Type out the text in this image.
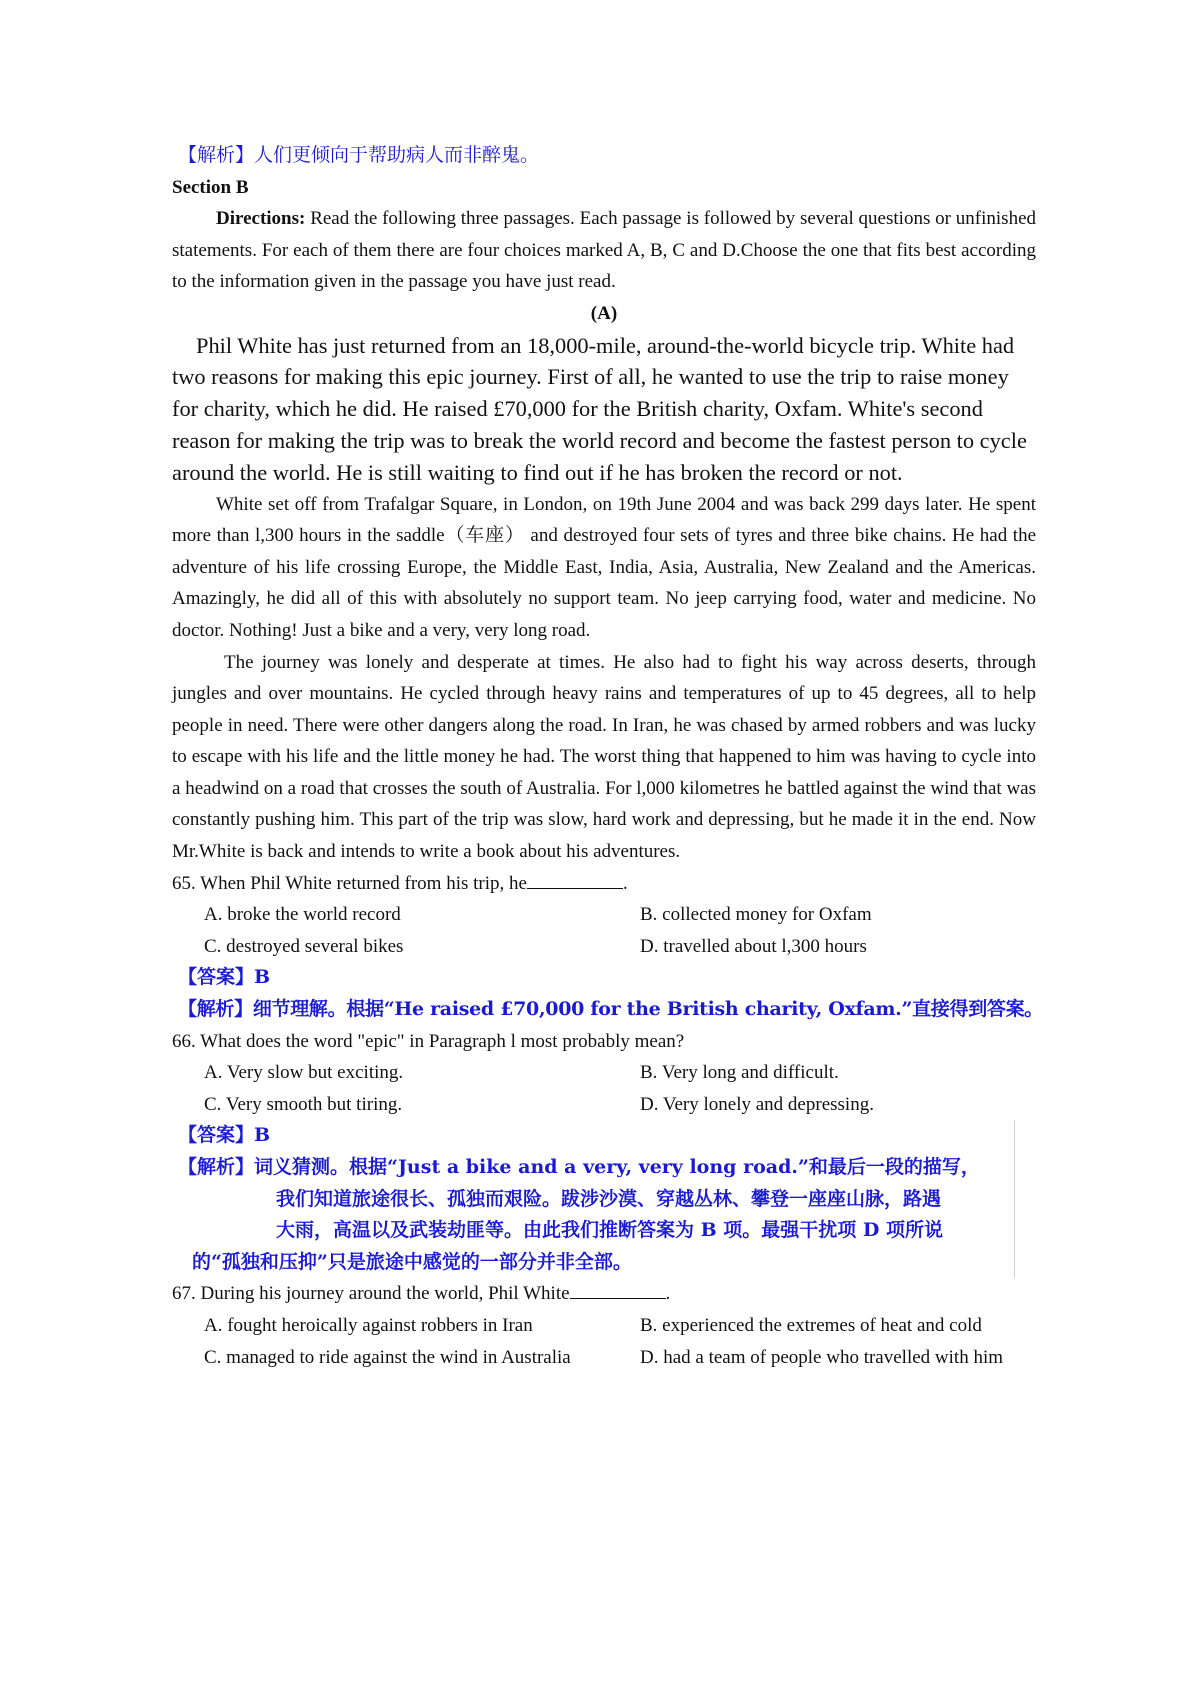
【解析】人们更倾向于帮助病人而非醉鬼。

Section B

Directions: Read the following three passages. Each passage is followed by several questions or unfinished statements. For each of them there are four choices marked A, B, C and D.Choose the one that fits best according to the information given in the passage you have just read.

(A)

Phil White has just returned from an 18,000-mile, around-the-world bicycle trip. White had two reasons for making this epic journey. First of all, he wanted to use the trip to raise money for charity, which he did. He raised £70,000 for the British charity, Oxfam. White's second reason for making the trip was to break the world record and become the fastest person to cycle around the world. He is still waiting to find out if he has broken the record or not.

White set off from Trafalgar Square, in London, on 19th June 2004 and was back 299 days later. He spent more than l,300 hours in the saddle（车座） and destroyed four sets of tyres and three bike chains. He had the adventure of his life crossing Europe, the Middle East, India, Asia, Australia, New Zealand and the Americas. Amazingly, he did all of this with absolutely no support team. No jeep carrying food, water and medicine. No doctor. Nothing! Just a bike and a very, very long road.

The journey was lonely and desperate at times. He also had to fight his way across deserts, through jungles and over mountains. He cycled through heavy rains and temperatures of up to 45 degrees, all to help people in need. There were other dangers along the road. In Iran, he was chased by armed robbers and was lucky to escape with his life and the little money he had. The worst thing that happened to him was having to cycle into a headwind on a road that crosses the south of Australia. For l,000 kilometres he battled against the wind that was constantly pushing him. This part of the trip was slow, hard work and depressing, but he made it in the end. Now Mr.White is back and intends to write a book about his adventures.

65. When Phil White returned from his trip, he	.

A. broke the world record	B. collected money for Oxfam
C. destroyed several bikes	D. travelled about l,300 hours

【答案】B

【解析】细节理解。根据“He raised £70,000 for the British charity, Oxfam.”直接得到答案。

66. What does the word "epic" in Paragraph l most probably mean?

A. Very slow but exciting.	B. Very long and difficult.
C. Very smooth but tiring.	D. Very lonely and depressing.

【答案】B

【解析】词义猜测。根据“Just a bike and a very, very long road.”和最后一段的描写，

我们知道旅途很长、孤独而艰险。跋涉沙漠、穿越丛林、攀登一座座山脉，路遇

大雨，高温以及武装劫匪等。由此我们推断答案为 B 项。最强干扰项 D 项所说

的“孤独和压抑”只是旅途中感觉的一部分并非全部。

67. During his journey around the world, Phil White	.

A. fought heroically against robbers in Iran	B. experienced the extremes of heat and cold
C. managed to ride against the wind in Australia	D. had a team of people who travelled with him
